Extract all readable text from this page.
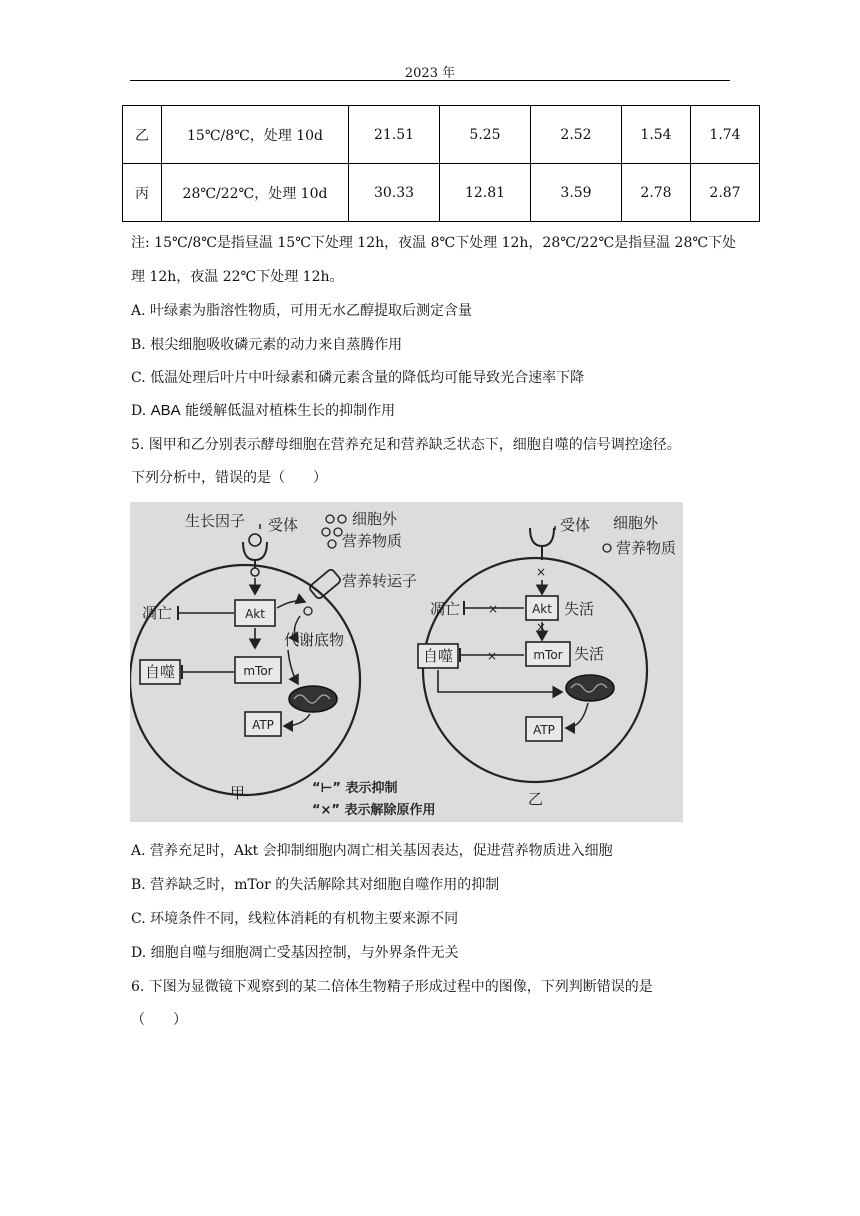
2023 年
乙	15℃/8℃，处理 10d	21.51	5.25	2.52	1.54	1.74
丙	28℃/22℃，处理 10d	30.33	12.81	3.59	2.78	2.87
注: 15℃/8℃是指昼温 15℃下处理 12h，夜温 8℃下处理 12h，28℃/22℃是指昼温 28℃下处
理 12h，夜温 22℃下处理 12h。
A. 叶绿素为脂溶性物质，可用无水乙醇提取后测定含量
B. 根尖细胞吸收磷元素的动力来自蒸腾作用
C. 低温处理后叶片中叶绿素和磷元素含量的降低均可能导致光合速率下降
D. ABA 能缓解低温对植株生长的抑制作用
5. 图甲和乙分别表示酵母细胞在营养充足和营养缺乏状态下，细胞自噬的信号调控途径。
下列分析中，错误的是（　　）
生长因子 受体	细胞外
营养物质
营养转运子
Akt
凋亡
代谢 底物
mTor
自噬
ATP
甲	“⊢” 表示抑制
“×” 表示解除原作用
受体
×
细胞外
营养物质
Akt 失活
凋亡 ×
×
mTor 失活
自噬	×
ATP
乙
A. 营养充足时，Akt 会抑制细胞内凋亡相关基因表达，促进营养物质进入细胞
B. 营养缺乏时，mTor 的失活解除其对细胞自噬作用的抑制
C. 环境条件不同，线粒体消耗的有机物主要来源不同
D. 细胞自噬与细胞凋亡受基因控制，与外界条件无关
6. 下图为显微镜下观察到的某二倍体生物精子形成过程中的图像，下列判断错误的是
（　　）
